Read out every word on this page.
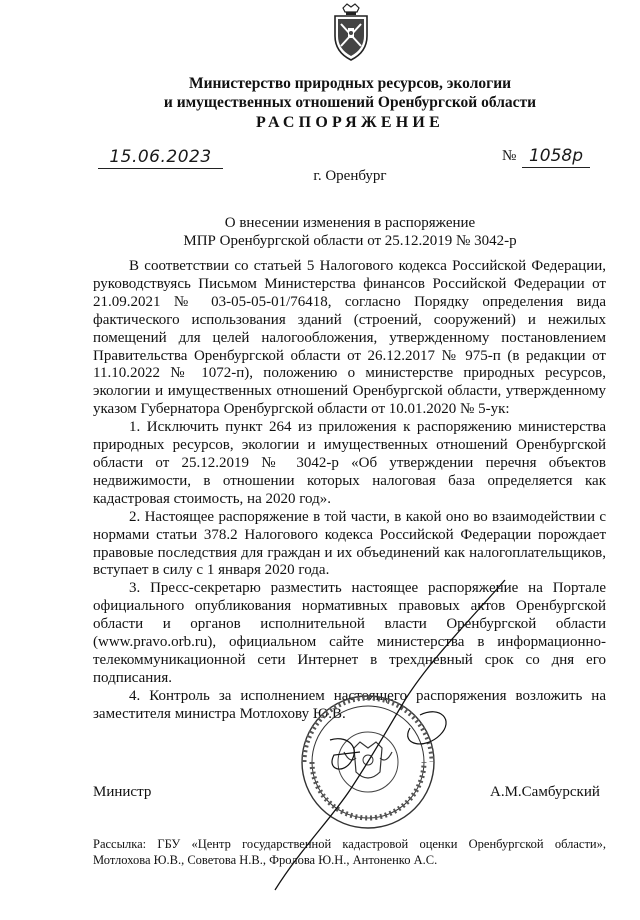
Министерство природных ресурсов, экологии
и имущественных отношений Оренбургской области
РАСПОРЯЖЕНИЕ
15.06.2023	№ 1058р
г. Оренбург
О внесении изменения в распоряжение
МПР Оренбургской области от 25.12.2019 № 3042-р

В соответствии со статьей 5 Налогового кодекса Российской Федерации, руководствуясь Письмом Министерства финансов Российской Федерации от 21.09.2021 № 03-05-05-01/76418, согласно Порядку определения вида фактического использования зданий (строений, сооружений) и нежилых помещений для целей налогообложения, утвержденному постановлением Правительства Оренбургской области от 26.12.2017 № 975-п (в редакции от 11.10.2022 № 1072-п), положению о министерстве природных ресурсов, экологии и имущественных отношений Оренбургской области, утвержденному указом Губернатора Оренбургской области от 10.01.2020 № 5-ук:

1. Исключить пункт 264 из приложения к распоряжению министерства природных ресурсов, экологии и имущественных отношений Оренбургской области от 25.12.2019 № 3042-р «Об утверждении перечня объектов недвижимости, в отношении которых налоговая база определяется как кадастровая стоимость, на 2020 год».

2. Настоящее распоряжение в той части, в какой оно во взаимодействии с нормами статьи 378.2 Налогового кодекса Российской Федерации порождает правовые последствия для граждан и их объединений как налогоплательщиков, вступает в силу с 1 января 2020 года.

3. Пресс-секретарю разместить настоящее распоряжение на Портале официального опубликования нормативных правовых актов Оренбургской области и органов исполнительной власти Оренбургской области (www.pravo.orb.ru), официальном сайте министерства в информационно-телекоммуникационной сети Интернет в трехдневный срок со дня его подписания.

4. Контроль за исполнением настоящего распоряжения возложить на заместителя министра Мотлохову Ю.В.

Министр	А.М.Самбурский
Рассылка: ГБУ «Центр государственной кадастровой оценки Оренбургской области», Мотлохова Ю.В., Советова Н.В., Фролова Ю.Н., Антоненко А.С.
